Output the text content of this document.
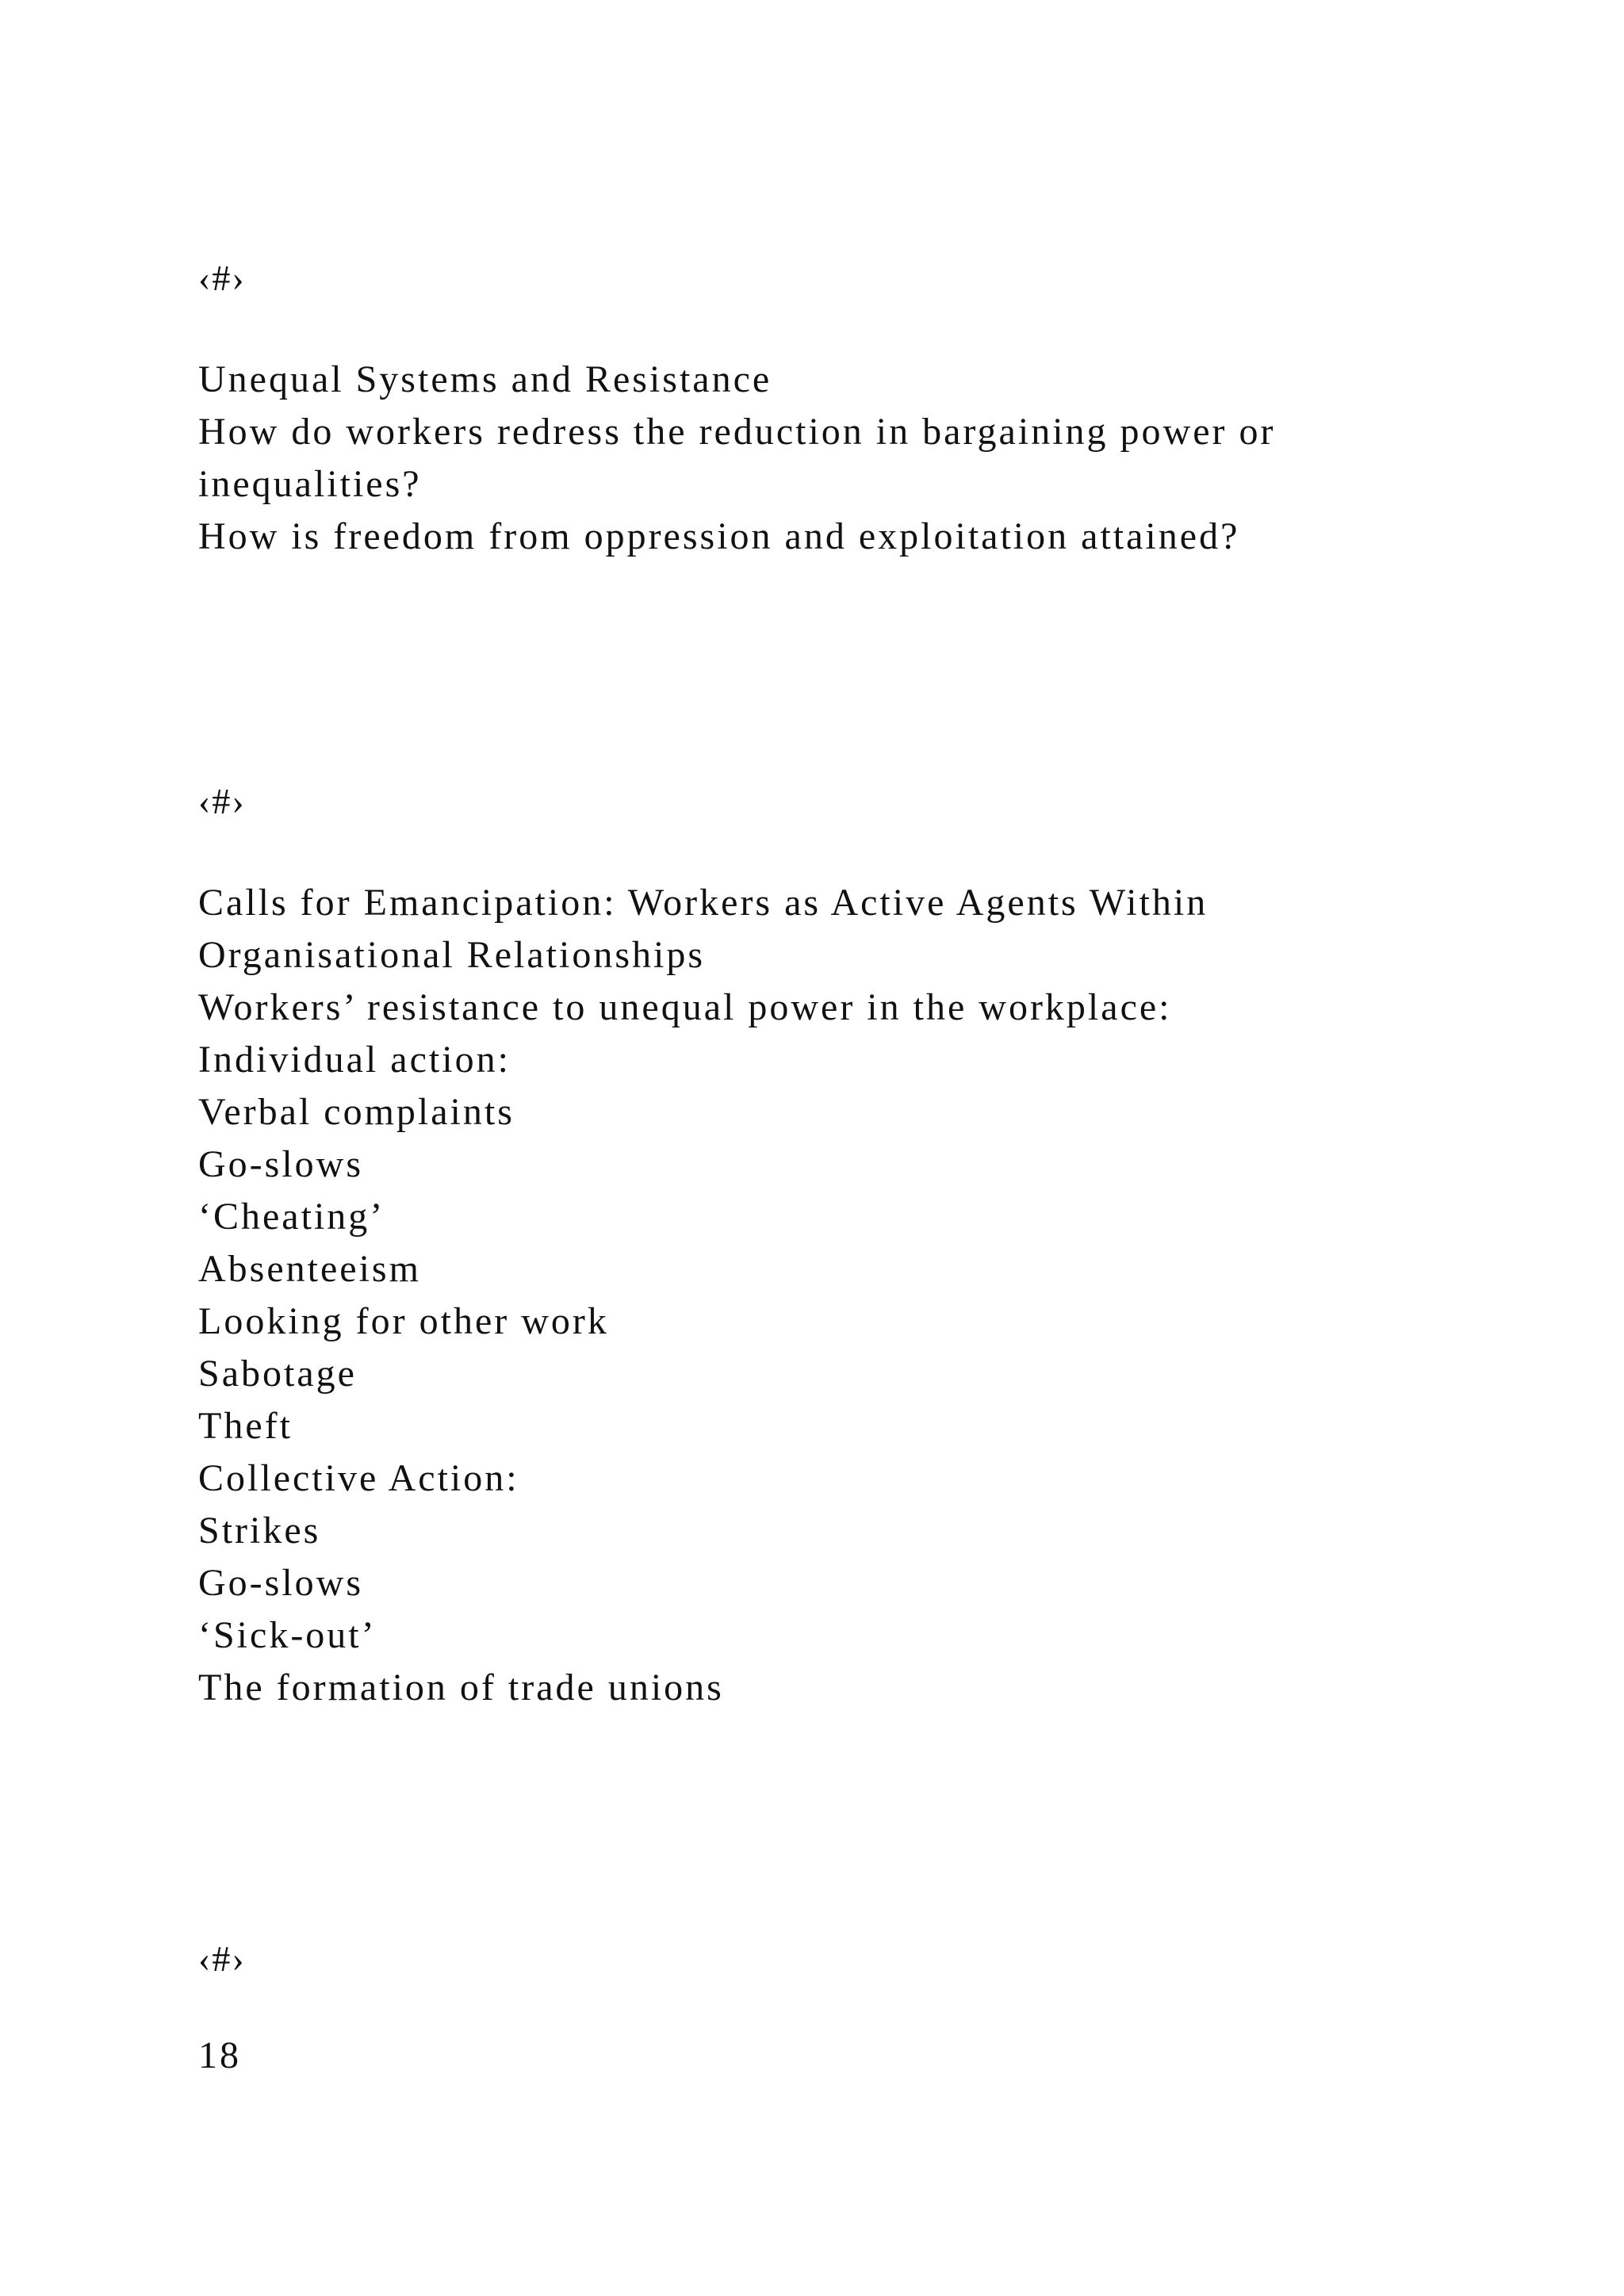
‹#›
Unequal Systems and Resistance
How do workers redress the reduction in bargaining power or
inequalities?
How is freedom from oppression and exploitation attained?
‹#›
Calls for Emancipation: Workers as Active Agents Within
Organisational Relationships
Workers’ resistance to unequal power in the workplace:
Individual action:
Verbal complaints
Go-slows
‘Cheating’
Absenteeism
Looking for other work
Sabotage
Theft
Collective Action:
Strikes
Go-slows
‘Sick-out’
The formation of trade unions
‹#›
18
